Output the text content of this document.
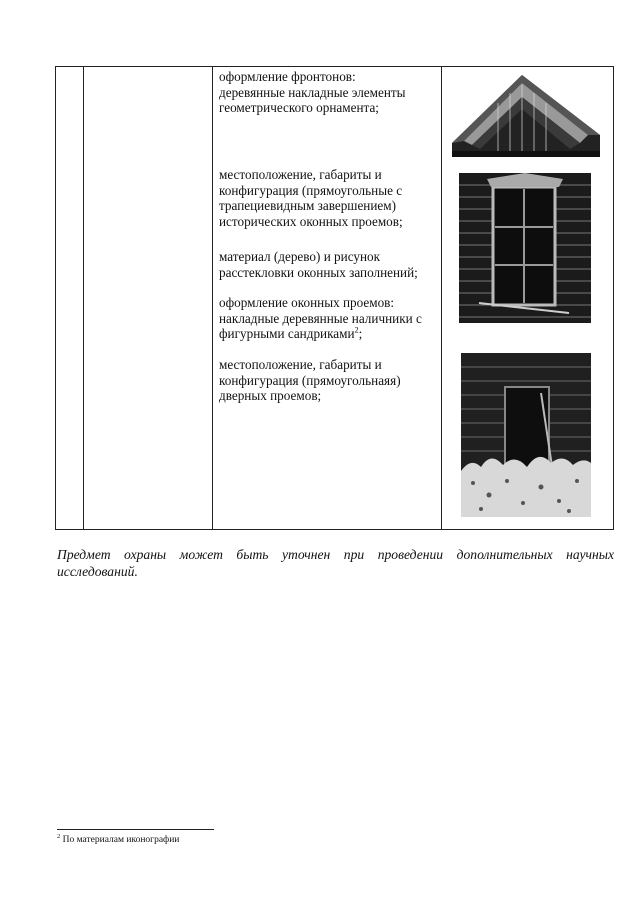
оформление фронтонов:
деревянные накладные элементы
геометрического орнамента;

местоположение, габариты и
конфигурация (прямоугольные с
трапециевидным завершением)
исторических оконных проемов;

материал (дерево) и рисунок
расстекловки оконных заполнений;

оформление оконных проемов:
накладные деревянные наличники с
фигурными сандриками$^2$;

местоположение, габариты и
конфигурация (прямоугольнаяя)
дверных проемов;

Предмет охраны может быть уточнен при проведении дополнительных научных исследований.

$^2$ По материалам иконографии
